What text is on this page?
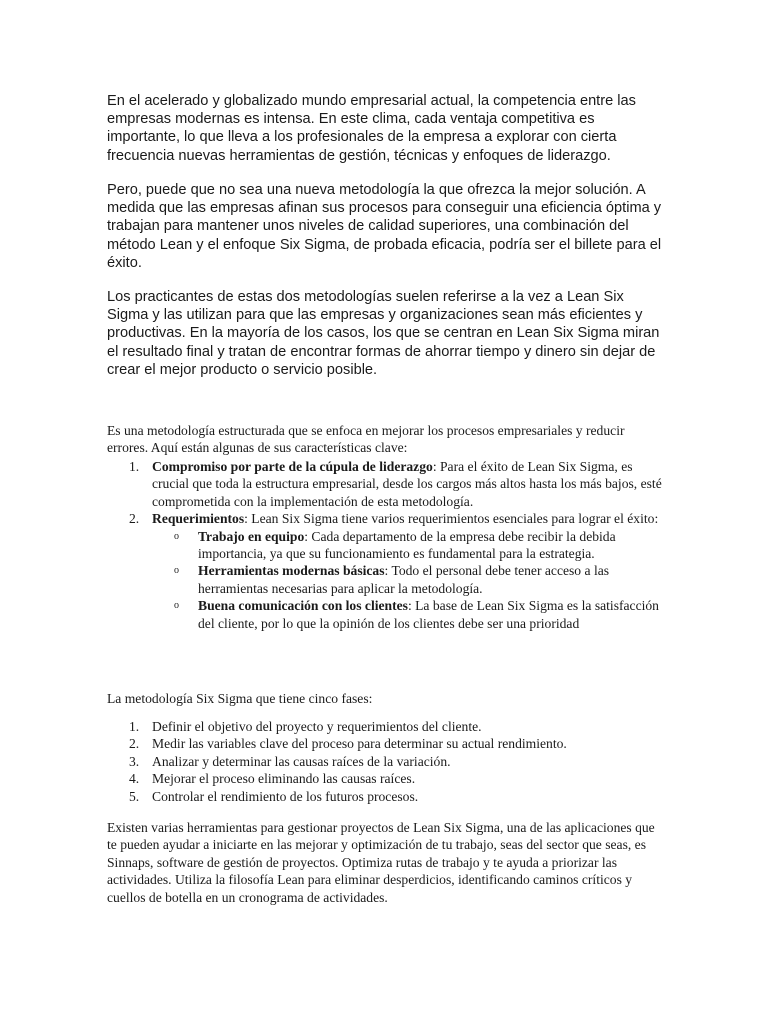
En el acelerado y globalizado mundo empresarial actual, la competencia entre las empresas modernas es intensa. En este clima, cada ventaja competitiva es importante, lo que lleva a los profesionales de la empresa a explorar con cierta frecuencia nuevas herramientas de gestión, técnicas y enfoques de liderazgo.

Pero, puede que no sea una nueva metodología la que ofrezca la mejor solución. A medida que las empresas afinan sus procesos para conseguir una eficiencia óptima y trabajan para mantener unos niveles de calidad superiores, una combinación del método Lean y el enfoque Six Sigma, de probada eficacia, podría ser el billete para el éxito.

Los practicantes de estas dos metodologías suelen referirse a la vez a Lean Six Sigma y las utilizan para que las empresas y organizaciones sean más eficientes y productivas. En la mayoría de los casos, los que se centran en Lean Six Sigma miran el resultado final y tratan de encontrar formas de ahorrar tiempo y dinero sin dejar de crear el mejor producto o servicio posible.

Es una metodología estructurada que se enfoca en mejorar los procesos empresariales y reducir errores. Aquí están algunas de sus características clave:

1. Compromiso por parte de la cúpula de liderazgo: Para el éxito de Lean Six Sigma, es crucial que toda la estructura empresarial, desde los cargos más altos hasta los más bajos, esté comprometida con la implementación de esta metodología.
2. Requerimientos: Lean Six Sigma tiene varios requerimientos esenciales para lograr el éxito:
o Trabajo en equipo: Cada departamento de la empresa debe recibir la debida importancia, ya que su funcionamiento es fundamental para la estrategia.
o Herramientas modernas básicas: Todo el personal debe tener acceso a las herramientas necesarias para aplicar la metodología.
o Buena comunicación con los clientes: La base de Lean Six Sigma es la satisfacción del cliente, por lo que la opinión de los clientes debe ser una prioridad

La metodología Six Sigma que tiene cinco fases:

1. Definir el objetivo del proyecto y requerimientos del cliente.
2. Medir las variables clave del proceso para determinar su actual rendimiento.
3. Analizar y determinar las causas raíces de la variación.
4. Mejorar el proceso eliminando las causas raíces.
5. Controlar el rendimiento de los futuros procesos.

Existen varias herramientas para gestionar proyectos de Lean Six Sigma, una de las aplicaciones que te pueden ayudar a iniciarte en las mejorar y optimización de tu trabajo, seas del sector que seas, es Sinnaps, software de gestión de proyectos. Optimiza rutas de trabajo y te ayuda a priorizar las actividades. Utiliza la filosofía Lean para eliminar desperdicios, identificando caminos críticos y cuellos de botella en un cronograma de actividades.
